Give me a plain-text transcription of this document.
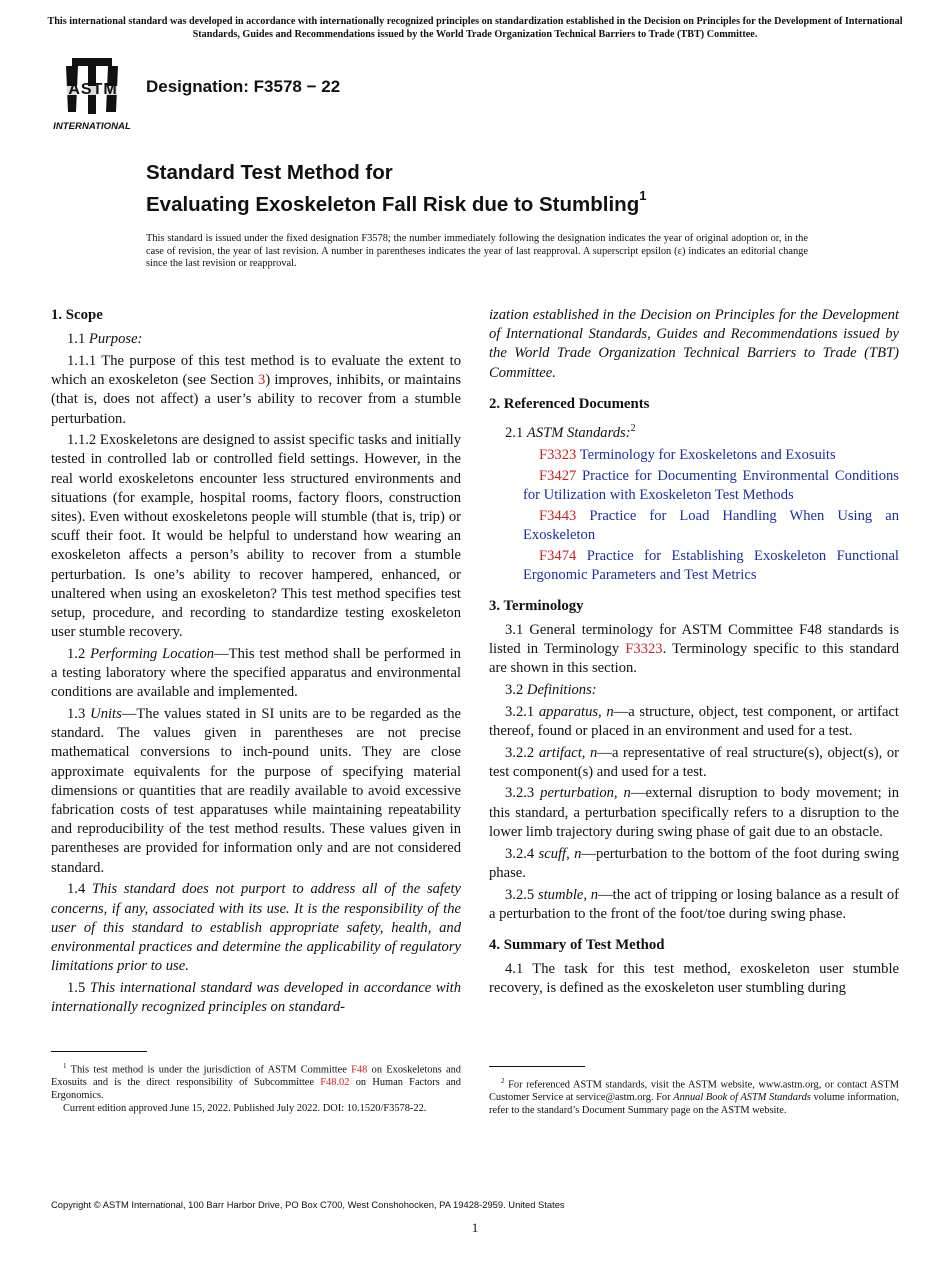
This international standard was developed in accordance with internationally recognized principles on standardization established in the Decision on Principles for the Development of International Standards, Guides and Recommendations issued by the World Trade Organization Technical Barriers to Trade (TBT) Committee.
ASTM
INTERNATIONAL
Designation: F3578 − 22
Standard Test Method for
Evaluating Exoskeleton Fall Risk due to Stumbling$^1$
This standard is issued under the fixed designation F3578; the number immediately following the designation indicates the year of original adoption or, in the case of revision, the year of last revision. A number in parentheses indicates the year of last reapproval. A superscript epsilon (ε) indicates an editorial change since the last revision or reapproval.
1. Scope

1.1 Purpose:

1.1.1 The purpose of this test method is to evaluate the extent to which an exoskeleton (see Section 3) improves, inhibits, or maintains (that is, does not affect) a user’s ability to recover from a stumble perturbation.

1.1.2 Exoskeletons are designed to assist specific tasks and initially tested in controlled lab or controlled field settings. However, in the real world exoskeletons encounter less structured environments and situations (for example, hospital rooms, factory floors, construction sites). Even without exoskeletons people will stumble (that is, trip) or scuff their foot. It would be helpful to understand how wearing an exoskeleton affects a person’s ability to recover from a stumble perturbation. Is one’s ability to recover hampered, enhanced, or unaltered when using an exoskeleton? This test method specifies test setup, procedure, and recording to standardize testing exoskeleton user stumble recovery.

1.2 Performing Location—This test method shall be performed in a testing laboratory where the specified apparatus and environmental conditions are available and implemented.

1.3 Units—The values stated in SI units are to be regarded as the standard. The values given in parentheses are not precise mathematical conversions to inch-pound units. They are close approximate equivalents for the purpose of specifying material dimensions or quantities that are readily available to avoid excessive fabrication costs of test apparatuses while maintaining repeatability and reproducibility of the test method results. These values given in parentheses are provided for information only and are not considered standard.

1.4 This standard does not purport to address all of the safety concerns, if any, associated with its use. It is the responsibility of the user of this standard to establish appropriate safety, health, and environmental practices and determine the applicability of regulatory limitations prior to use.

1.5 This international standard was developed in accordance with internationally recognized principles on standard-

$^1$ This test method is under the jurisdiction of ASTM Committee F48 on Exoskeletons and Exosuits and is the direct responsibility of Subcommittee F48.02 on Human Factors and Ergonomics.

Current edition approved June 15, 2022. Published July 2022. DOI: 10.1520/F3578-22.

ization established in the Decision on Principles for the Development of International Standards, Guides and Recommendations issued by the World Trade Organization Technical Barriers to Trade (TBT) Committee.

2. Referenced Documents

2.1 ASTM Standards:$^2$

F3323 Terminology for Exoskeletons and Exosuits

F3427 Practice for Documenting Environmental Conditions for Utilization with Exoskeleton Test Methods

F3443 Practice for Load Handling When Using an Exoskeleton

F3474 Practice for Establishing Exoskeleton Functional Ergonomic Parameters and Test Metrics

3. Terminology

3.1 General terminology for ASTM Committee F48 standards is listed in Terminology F3323. Terminology specific to this standard are shown in this section.

3.2 Definitions:

3.2.1 apparatus, n—a structure, object, test component, or artifact thereof, found or placed in an environment and used for a test.

3.2.2 artifact, n—a representative of real structure(s), object(s), or test component(s) and used for a test.

3.2.3 perturbation, n—external disruption to body movement; in this standard, a perturbation specifically refers to a disruption to the lower limb trajectory during swing phase of gait due to an obstacle.

3.2.4 scuff, n—perturbation to the bottom of the foot during swing phase.

3.2.5 stumble, n—the act of tripping or losing balance as a result of a perturbation to the front of the foot/toe during swing phase.

4. Summary of Test Method

4.1 The task for this test method, exoskeleton user stumble recovery, is defined as the exoskeleton user stumbling during

$^2$ For referenced ASTM standards, visit the ASTM website, www.astm.org, or contact ASTM Customer Service at service@astm.org. For Annual Book of ASTM Standards volume information, refer to the standard’s Document Summary page on the ASTM website.

Copyright © ASTM International, 100 Barr Harbor Drive, PO Box C700, West Conshohocken, PA 19428-2959. United States
1
